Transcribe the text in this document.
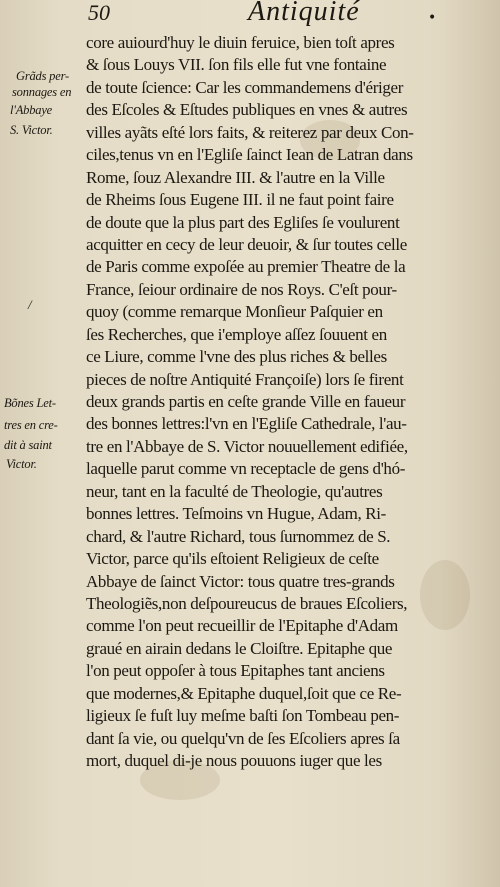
50	Antiquité	•
Grãds per-
sonnages en
l'Abbaye
S. Victor.
Bõnes Let-
tres en cre-
dit à saint
Victor.
/
core auiourd'huy le diuin feruice, bien toſt apres
& ſous Louys VII. ſon fils elle fut vne fontaine
de toute ſcience: Car les commandemens d'ériger
des Eſcoles & Eſtudes publiques en vnes & autres
villes ayãts eſté lors faits, & reiterez par deux Con-
ciles,tenus vn en l'Egliſe ſainct Iean de Latran dans
Rome, ſouz Alexandre III. & l'autre en la Ville
de Rheims ſous Eugene III. il ne faut point faire
de doute que la plus part des Egliſes ſe voulurent
acquitter en cecy de leur deuoir, & ſur toutes celle
de Paris comme expoſée au premier Theatre de la
France, ſeiour ordinaire de nos Roys. C'eſt pour-
quoy (comme remarque Monſieur Paſquier en
ſes Recherches, que i'employe aſſez ſouuent en
ce Liure, comme l'vne des plus riches & belles
pieces de noſtre Antiquité Françoiſe) lors ſe firent
deux grands partis en ceſte grande Ville en faueur
des bonnes lettres:l'vn en l'Egliſe Cathedrale, l'au-
tre en l'Abbaye de S. Victor nouuellement edifiée,
laquelle parut comme vn receptacle de gens d'hó-
neur, tant en la faculté de Theologie, qu'autres
bonnes lettres. Teſmoins vn Hugue, Adam, Ri-
chard, & l'autre Richard, tous ſurnommez de S.
Victor, parce qu'ils eſtoient Religieux de ceſte
Abbaye de ſainct Victor: tous quatre tres-grands
Theologiẽs,non deſpoureucus de braues Eſcoliers,
comme l'on peut recueillir de l'Epitaphe d'Adam
graué en airain dedans le Cloiſtre. Epitaphe que
l'on peut oppoſer à tous Epitaphes tant anciens
que modernes,& Epitaphe duquel,ſoit que ce Re-
ligieux ſe fuſt luy meſme baſti ſon Tombeau pen-
dant ſa vie, ou quelqu'vn de ſes Eſcoliers apres ſa
mort, duquel di-je nous pouuons iuger que les
